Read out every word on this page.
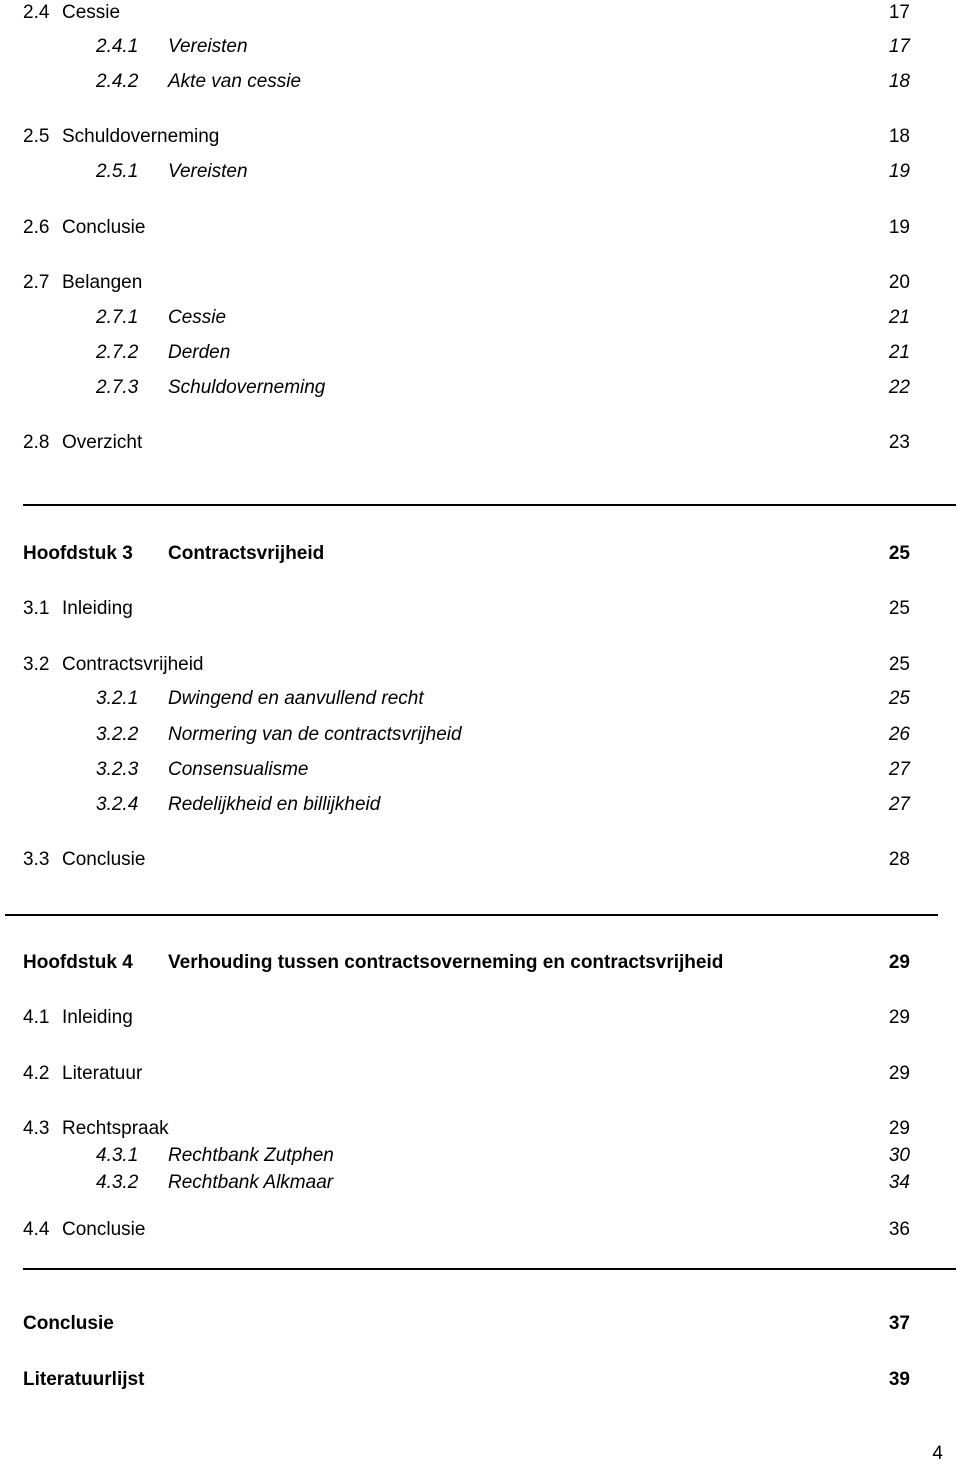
2.4 Cessie	17
2.4.1 Vereisten	17
2.4.2 Akte van cessie	18
2.5 Schuldoverneming	18
2.5.1 Vereisten	19
2.6 Conclusie	19
2.7 Belangen	20
2.7.1 Cessie	21
2.7.2 Derden	21
2.7.3 Schuldoverneming	22
2.8 Overzicht	23
Hoofdstuk 3 Contractsvrijheid	25
3.1 Inleiding	25
3.2 Contractsvrijheid	25
3.2.1 Dwingend en aanvullend recht	25
3.2.2 Normering van de contractsvrijheid	26
3.2.3 Consensualisme	27
3.2.4 Redelijkheid en billijkheid	27
3.3 Conclusie	28
Hoofdstuk 4 Verhouding tussen contractsoverneming en contractsvrijheid	29
4.1 Inleiding	29
4.2 Literatuur	29
4.3 Rechtspraak	29
4.3.1 Rechtbank Zutphen	30
4.3.2 Rechtbank Alkmaar	34
4.4 Conclusie	36
Conclusie	37
Literatuurlijst	39
4
